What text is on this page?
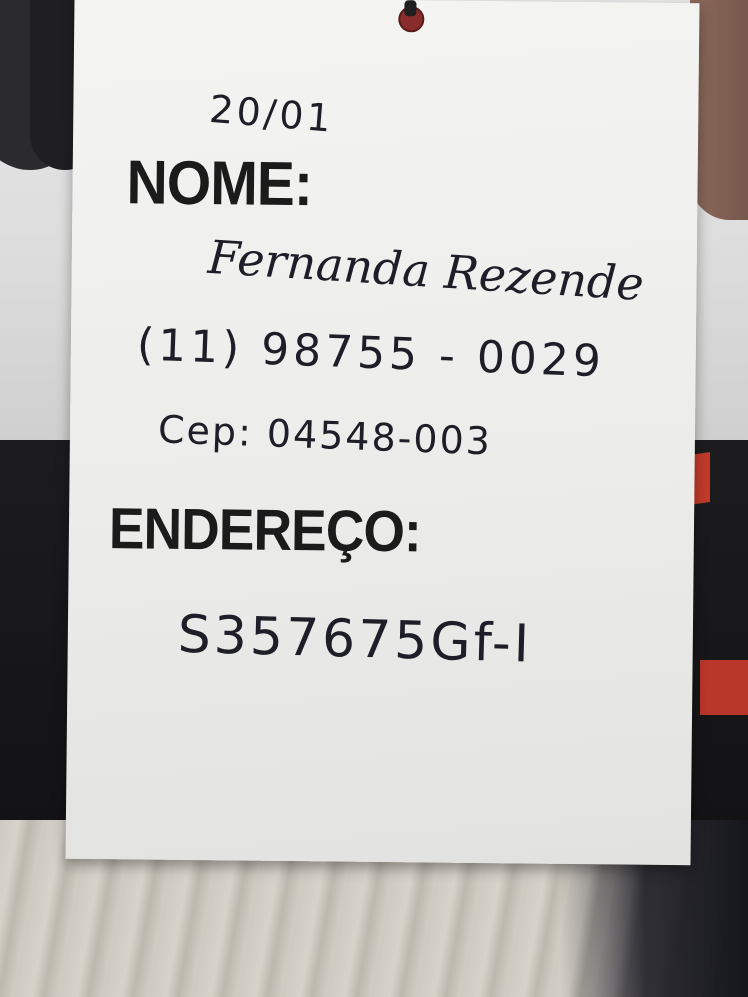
20/01
NOME:
Fernanda Rezende
(11) 98755 - 0029
Cep: 04548-003
ENDEREÇO:
S357675Gf-I
